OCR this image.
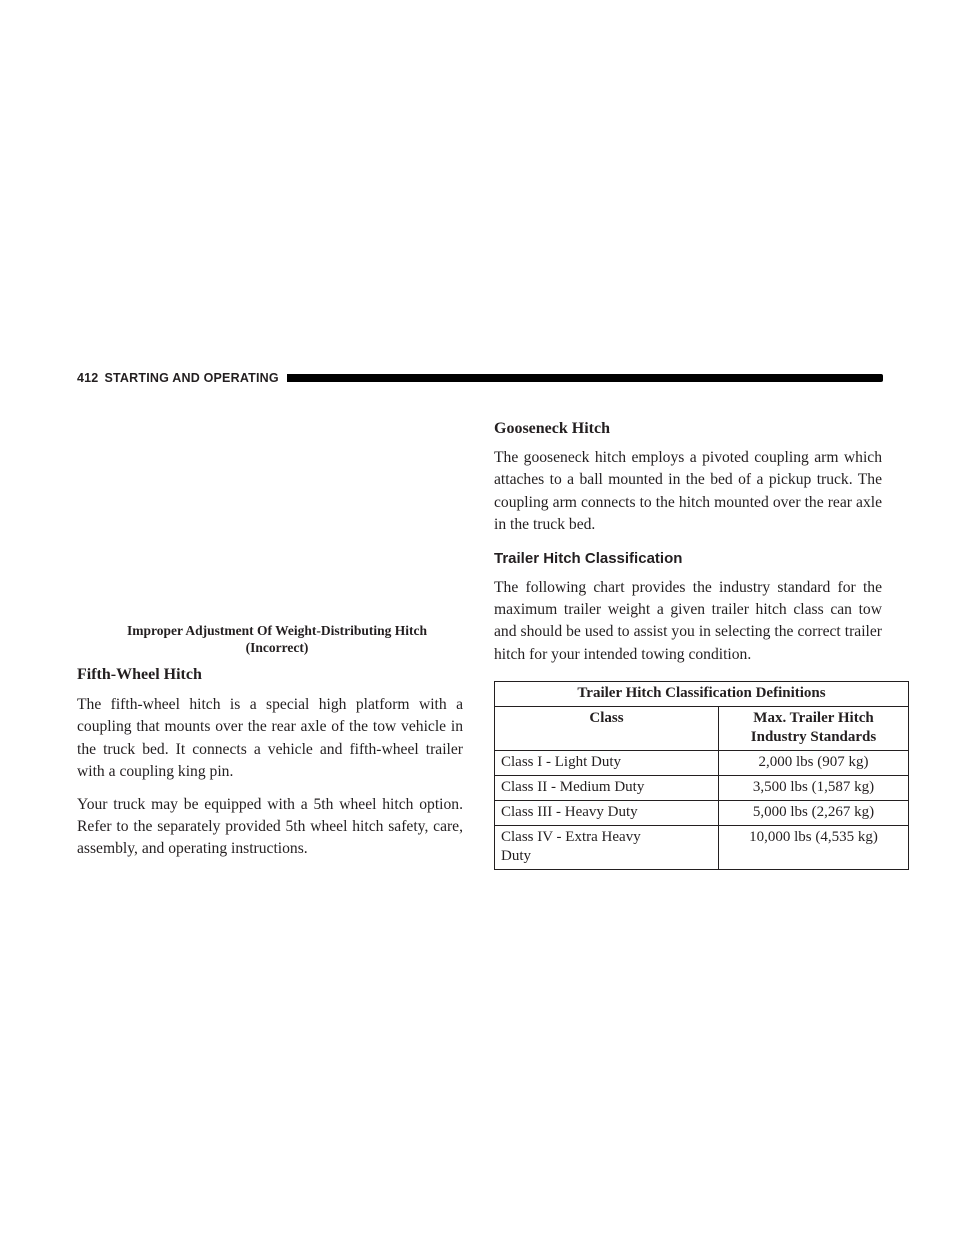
412 STARTING AND OPERATING
Improper Adjustment Of Weight-Distributing Hitch
(Incorrect)
Fifth-Wheel Hitch

The fifth-wheel hitch is a special high platform with a coupling that mounts over the rear axle of the tow vehicle in the truck bed. It connects a vehicle and fifth-wheel trailer with a coupling king pin.

Your truck may be equipped with a 5th wheel hitch option. Refer to the separately provided 5th wheel hitch safety, care, assembly, and operating instructions.

Gooseneck Hitch

The gooseneck hitch employs a pivoted coupling arm which attaches to a ball mounted in the bed of a pickup truck. The coupling arm connects to the hitch mounted over the rear axle in the truck bed.

Trailer Hitch Classification

The following chart provides the industry standard for the maximum trailer weight a given trailer hitch class can tow and should be used to assist you in selecting the correct trailer hitch for your intended towing condition.

Trailer Hitch Classification Definitions	
Class	Max. Trailer Hitch
Industry Standards

Class I - Light Duty	2,000 lbs (907 kg)
Class II - Medium Duty	3,500 lbs (1,587 kg)
Class III - Heavy Duty	5,000 lbs (2,267 kg)

Class IV - Extra Heavy
Duty	10,000 lbs (4,535 kg)
